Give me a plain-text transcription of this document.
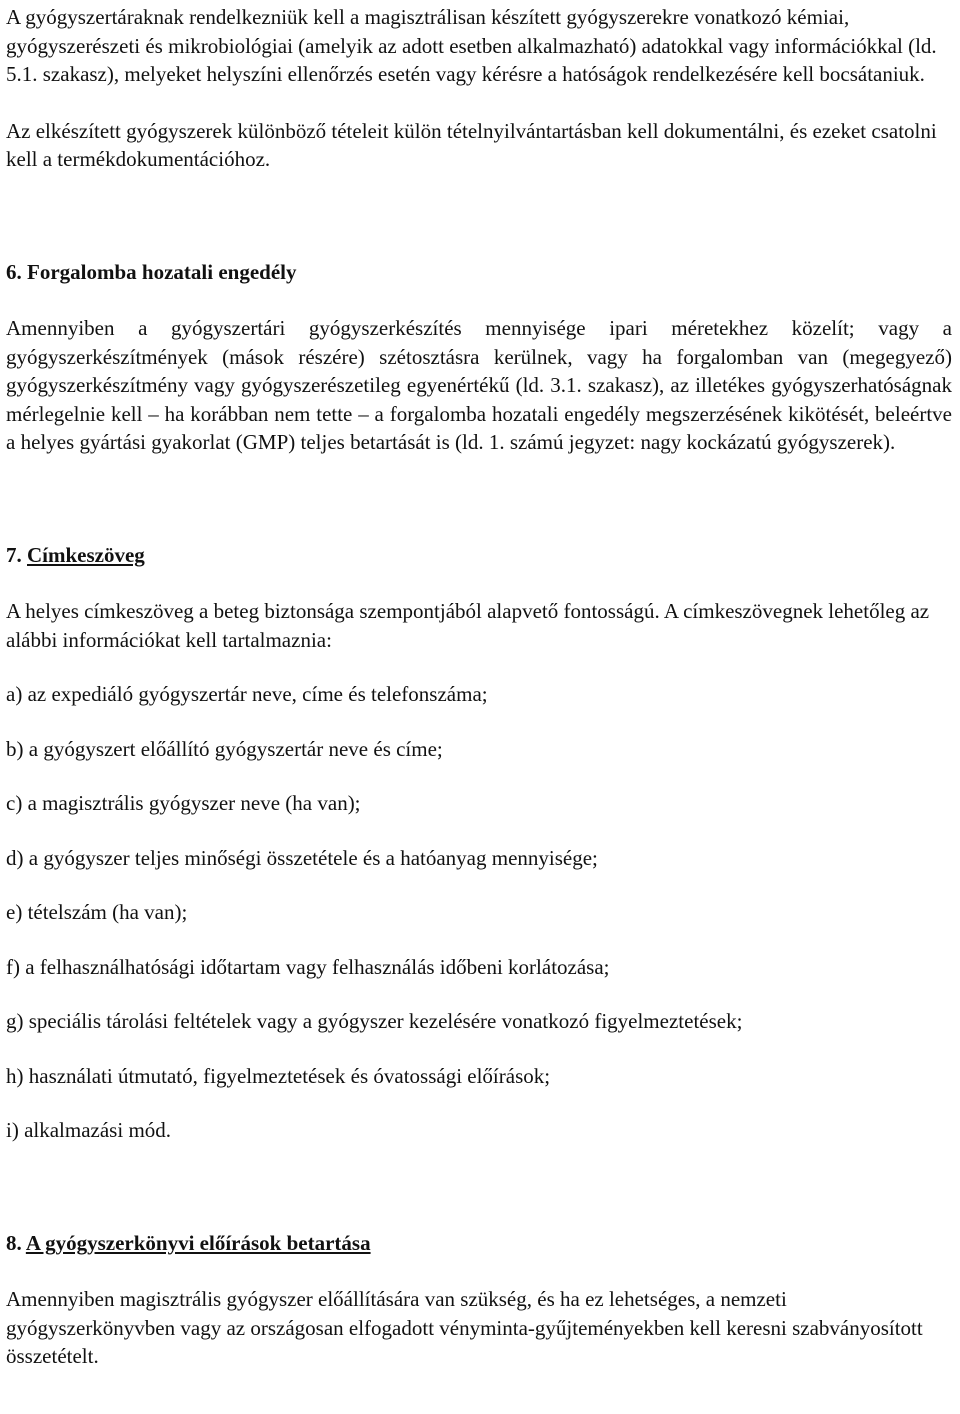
A gyógyszertáraknak rendelkezniük kell a magisztrálisan készített gyógyszerekre vonatkozó kémiai, gyógyszerészeti és mikrobiológiai (amelyik az adott esetben alkalmazható) adatokkal vagy információkkal (ld. 5.1. szakasz), melyeket helyszíni ellenőrzés esetén vagy kérésre a hatóságok rendelkezésére kell bocsátaniuk.

Az elkészített gyógyszerek különböző tételeit külön tételnyilvántartásban kell dokumentálni, és ezeket csatolni kell a termékdokumentációhoz.

6. Forgalomba hozatali engedély

Amennyiben a gyógyszertári gyógyszerkészítés mennyisége ipari méretekhez közelít; vagy a gyógyszerkészítmények (mások részére) szétosztásra kerülnek, vagy ha forgalomban van (megegyező) gyógyszerkészítmény vagy gyógyszerészetileg egyenértékű (ld. 3.1. szakasz), az illetékes gyógyszerhatóságnak mérlegelnie kell – ha korábban nem tette – a forgalomba hozatali engedély megszerzésének kikötését, beleértve a helyes gyártási gyakorlat (GMP) teljes betartását is (ld. 1. számú jegyzet: nagy kockázatú gyógyszerek).

7. Címkeszöveg

A helyes címkeszöveg a beteg biztonsága szempontjából alapvető fontosságú. A címkeszövegnek lehetőleg az alábbi információkat kell tartalmaznia:

a) az expediáló gyógyszertár neve, címe és telefonszáma;

b) a gyógyszert előállító gyógyszertár neve és címe;

c) a magisztrális gyógyszer neve (ha van);

d) a gyógyszer teljes minőségi összetétele és a hatóanyag mennyisége;

e) tételszám (ha van);

f) a felhasználhatósági időtartam vagy felhasználás időbeni korlátozása;

g) speciális tárolási feltételek vagy a gyógyszer kezelésére vonatkozó figyelmeztetések;

h) használati útmutató, figyelmeztetések és óvatossági előírások;

i) alkalmazási mód.

8. A gyógyszerkönyvi előírások betartása

Amennyiben magisztrális gyógyszer előállítására van szükség, és ha ez lehetséges, a nemzeti gyógyszerkönyvben vagy az országosan elfogadott vényminta-gyűjteményekben kell keresni szabványosított összetételt.
